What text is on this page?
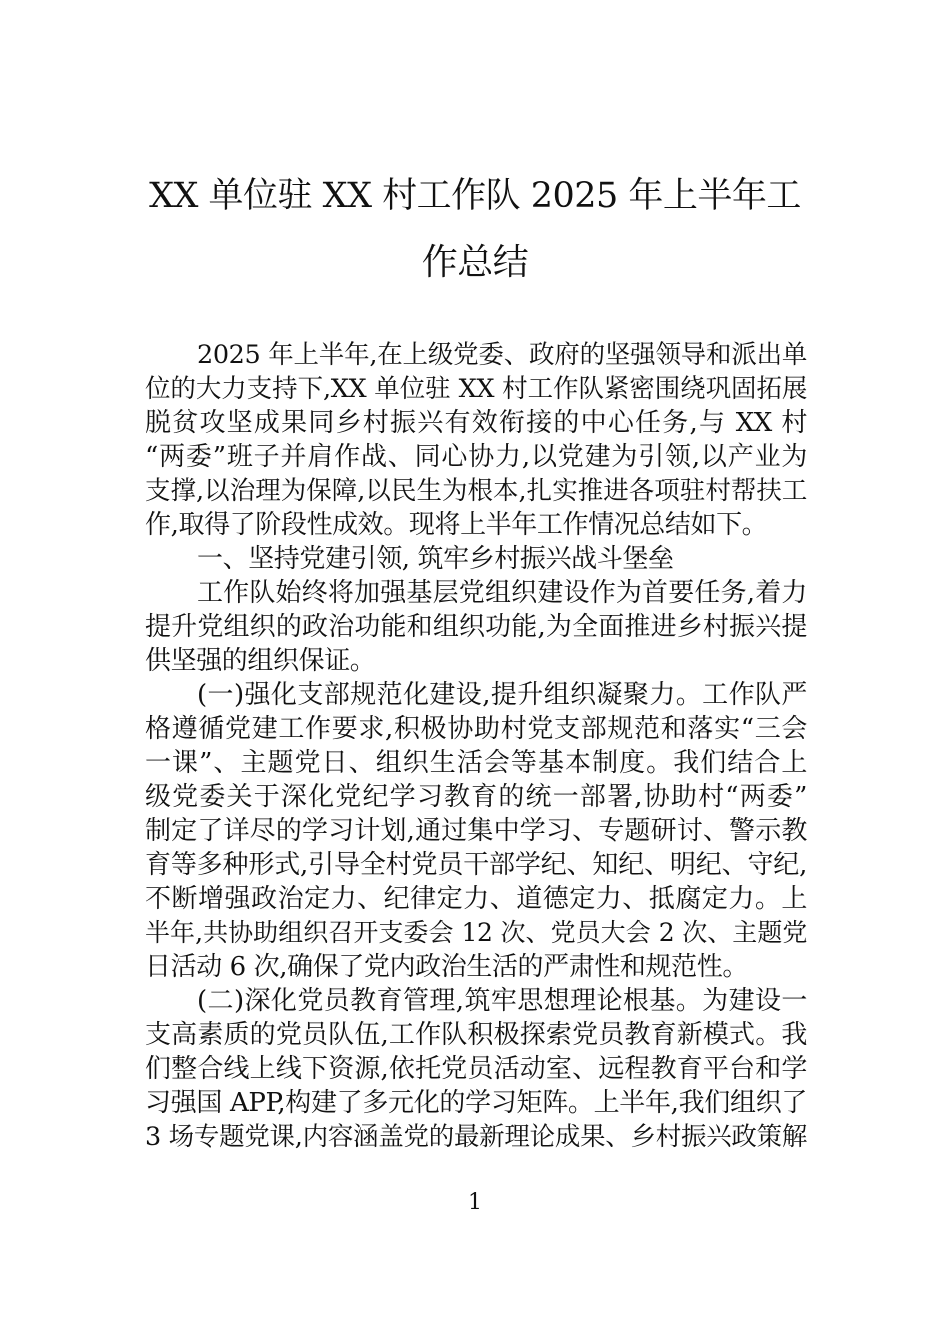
XX 单位驻 XX 村工作队 2025 年上半年工
作总结
2025 年上半年,在上级党委、政府的坚强领导和派出单
位的大力支持下,XX 单位驻 XX 村工作队紧密围绕巩固拓展
脱贫攻坚成果同乡村振兴有效衔接的中心任务,与 XX 村
“两委”班子并肩作战、同心协力,以党建为引领,以产业为
支撑,以治理为保障,以民生为根本,扎实推进各项驻村帮扶工
作,取得了阶段性成效。现将上半年工作情况总结如下。
一、坚持党建引领, 筑牢乡村振兴战斗堡垒
工作队始终将加强基层党组织建设作为首要任务,着力
提升党组织的政治功能和组织功能,为全面推进乡村振兴提
供坚强的组织保证。
(一)强化支部规范化建设,提升组织凝聚力。工作队严
格遵循党建工作要求,积极协助村党支部规范和落实“三会
一课”、主题党日、组织生活会等基本制度。我们结合上
级党委关于深化党纪学习教育的统一部署,协助村“两委”
制定了详尽的学习计划,通过集中学习、专题研讨、警示教
育等多种形式,引导全村党员干部学纪、知纪、明纪、守纪,
不断增强政治定力、纪律定力、道德定力、抵腐定力。上
半年,共协助组织召开支委会 12 次、党员大会 2 次、主题党
日活动 6 次,确保了党内政治生活的严肃性和规范性。
(二)深化党员教育管理,筑牢思想理论根基。为建设一
支高素质的党员队伍,工作队积极探索党员教育新模式。我
们整合线上线下资源,依托党员活动室、远程教育平台和学
习强国 APP,构建了多元化的学习矩阵。上半年,我们组织了
3 场专题党课,内容涵盖党的最新理论成果、乡村振兴政策解
1
